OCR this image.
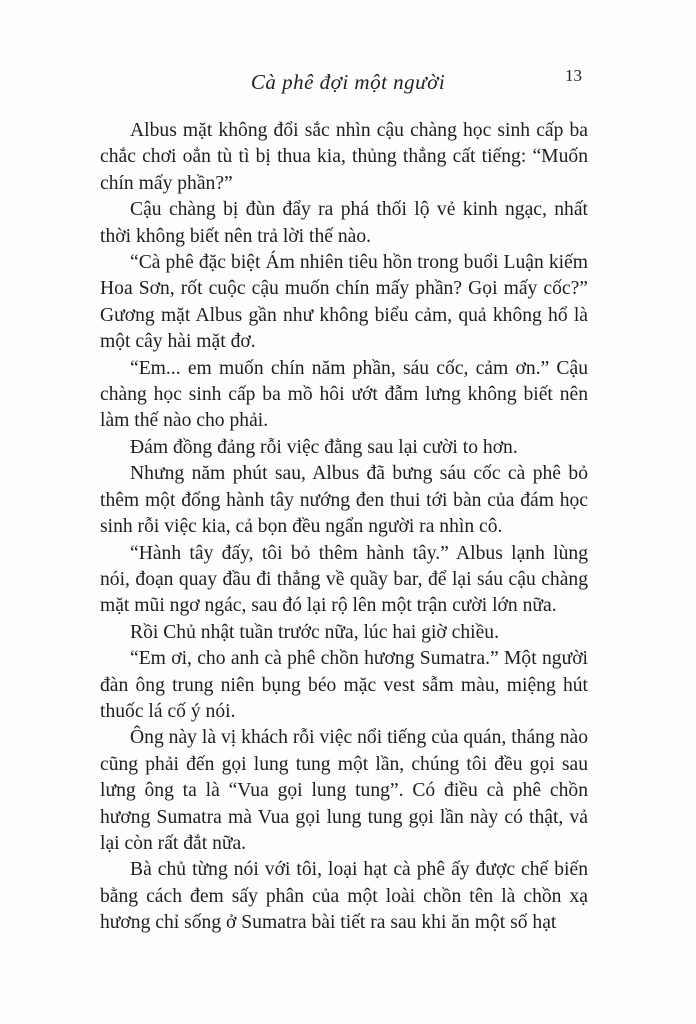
Cà phê đợi một người	13

Albus mặt không đổi sắc nhìn cậu chàng học sinh cấp ba chắc chơi oẳn tù tì bị thua kia, thủng thẳng cất tiếng: “Muốn chín mấy phần?”

Cậu chàng bị đùn đẩy ra phá thối lộ vẻ kinh ngạc, nhất thời không biết nên trả lời thế nào.

“Cà phê đặc biệt Ám nhiên tiêu hồn trong buổi Luận kiếm Hoa Sơn, rốt cuộc cậu muốn chín mấy phần? Gọi mấy cốc?” Gương mặt Albus gần như không biểu cảm, quả không hổ là một cây hài mặt đơ.

“Em... em muốn chín năm phần, sáu cốc, cảm ơn.” Cậu chàng học sinh cấp ba mồ hôi ướt đẫm lưng không biết nên làm thế nào cho phải.

Đám đồng đảng rỗi việc đằng sau lại cười to hơn.

Nhưng năm phút sau, Albus đã bưng sáu cốc cà phê bỏ thêm một đống hành tây nướng đen thui tới bàn của đám học sinh rỗi việc kia, cả bọn đều ngẩn người ra nhìn cô.

“Hành tây đấy, tôi bỏ thêm hành tây.” Albus lạnh lùng nói, đoạn quay đầu đi thẳng về quầy bar, để lại sáu cậu chàng mặt mũi ngơ ngác, sau đó lại rộ lên một trận cười lớn nữa.

Rồi Chủ nhật tuần trước nữa, lúc hai giờ chiều.

“Em ơi, cho anh cà phê chồn hương Sumatra.” Một người đàn ông trung niên bụng béo mặc vest sẫm màu, miệng hút thuốc lá cố ý nói.

Ông này là vị khách rỗi việc nổi tiếng của quán, tháng nào cũng phải đến gọi lung tung một lần, chúng tôi đều gọi sau lưng ông ta là “Vua gọi lung tung”. Có điều cà phê chồn hương Sumatra mà Vua gọi lung tung gọi lần này có thật, vả lại còn rất đắt nữa.

Bà chủ từng nói với tôi, loại hạt cà phê ấy được chế biến bằng cách đem sấy phân của một loài chồn tên là chồn xạ hương chỉ sống ở Sumatra bài tiết ra sau khi ăn một số hạt
